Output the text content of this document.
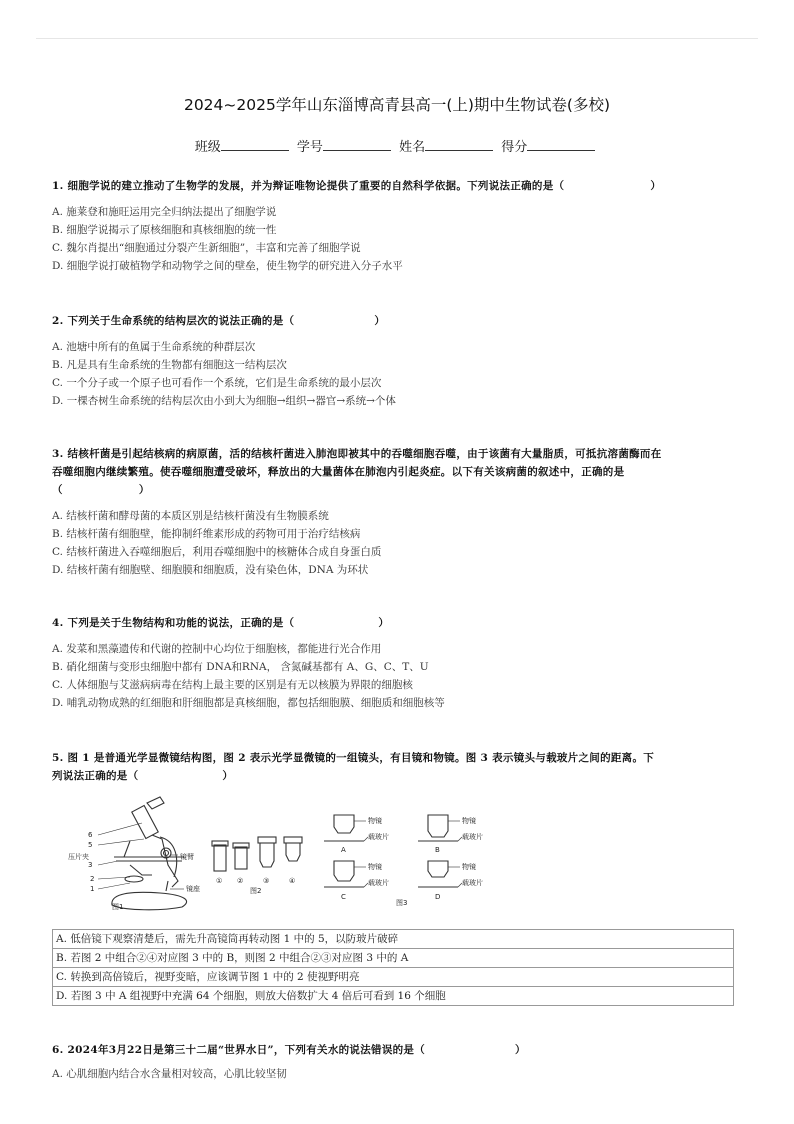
2024~2025学年山东淄博高青县高一(上)期中生物试卷(多校)
班级	学号	姓名	得分
1. 细胞学说的建立推动了生物学的发展，并为辩证唯物论提供了重要的自然科学依据。下列说法正确的是（	）
A. 施莱登和施旺运用完全归纳法提出了细胞学说
B. 细胞学说揭示了原核细胞和真核细胞的统一性
C. 魏尔肖提出“细胞通过分裂产生新细胞”，丰富和完善了细胞学说
D. 细胞学说打破植物学和动物学之间的壁垒，使生物学的研究进入分子水平
2. 下列关于生命系统的结构层次的说法正确的是（	）
A. 池塘中所有的鱼属于生命系统的种群层次
B. 凡是具有生命系统的生物都有细胞这一结构层次
C. 一个分子或一个原子也可看作一个系统，它们是生命系统的最小层次
D. 一棵杏树生命系统的结构层次由小到大为细胞→组织→器官→系统→个体
3. 结核杆菌是引起结核病的病原菌，活的结核杆菌进入肺泡即被其中的吞噬细胞吞噬，由于该菌有大量脂质，可抵抗溶菌酶而在
吞噬细胞内继续繁殖。使吞噬细胞遭受破坏，释放出的大量菌体在肺泡内引起炎症。以下有关该病菌的叙述中，正确的是
（	）
A. 结核杆菌和酵母菌的本质区别是结核杆菌没有生物膜系统
B. 结核杆菌有细胞壁，能抑制纤维素形成的药物可用于治疗结核病
C. 结核杆菌进入吞噬细胞后，利用吞噬细胞中的核糖体合成自身蛋白质
D. 结核杆菌有细胞壁、细胞膜和细胞质，没有染色体，DNA 为环状
4. 下列是关于生物结构和功能的说法，正确的是（	）
A. 发菜和黑藻遗传和代谢的控制中心均位于细胞核，都能进行光合作用
B. 硝化细菌与变形虫细胞中都有 DNA和RNA， 含氮碱基都有 A、G、C、T、U
C. 人体细胞与艾滋病病毒在结构上最主要的区别是有无以核膜为界限的细胞核
D. 哺乳动物成熟的红细胞和肝细胞都是真核细胞，都包括细胞膜、细胞质和细胞核等
5. 图 1 是普通光学显微镜结构图，图 2 表示光学显微镜的一组镜头，有目镜和物镜。图 3 表示镜头与载玻片之间的距离。下
列说法正确的是（	）
6
5
压片夹	镜臂
3
2
1	镜座
图1
① ②	③	④
图2
物镜
载玻片
物镜
载玻片
物镜
载玻片
物镜
载玻片
A	B
C	D
图3
A. 低倍镜下观察清楚后，需先升高镜筒再转动图 1 中的 5，以防玻片破碎
B. 若图 2 中组合②④对应图 3 中的 B，则图 2 中组合②③对应图 3 中的 A
C. 转换到高倍镜后，视野变暗，应该调节图 1 中的 2 使视野明亮
D. 若图 3 中 A 组视野中充满 64 个细胞，则放大倍数扩大 4 倍后可看到 16 个细胞
6. 2024年3月22日是第三十二届“世界水日”，下列有关水的说法错误的是（	）
A. 心肌细胞内结合水含量相对较高，心肌比较坚韧
